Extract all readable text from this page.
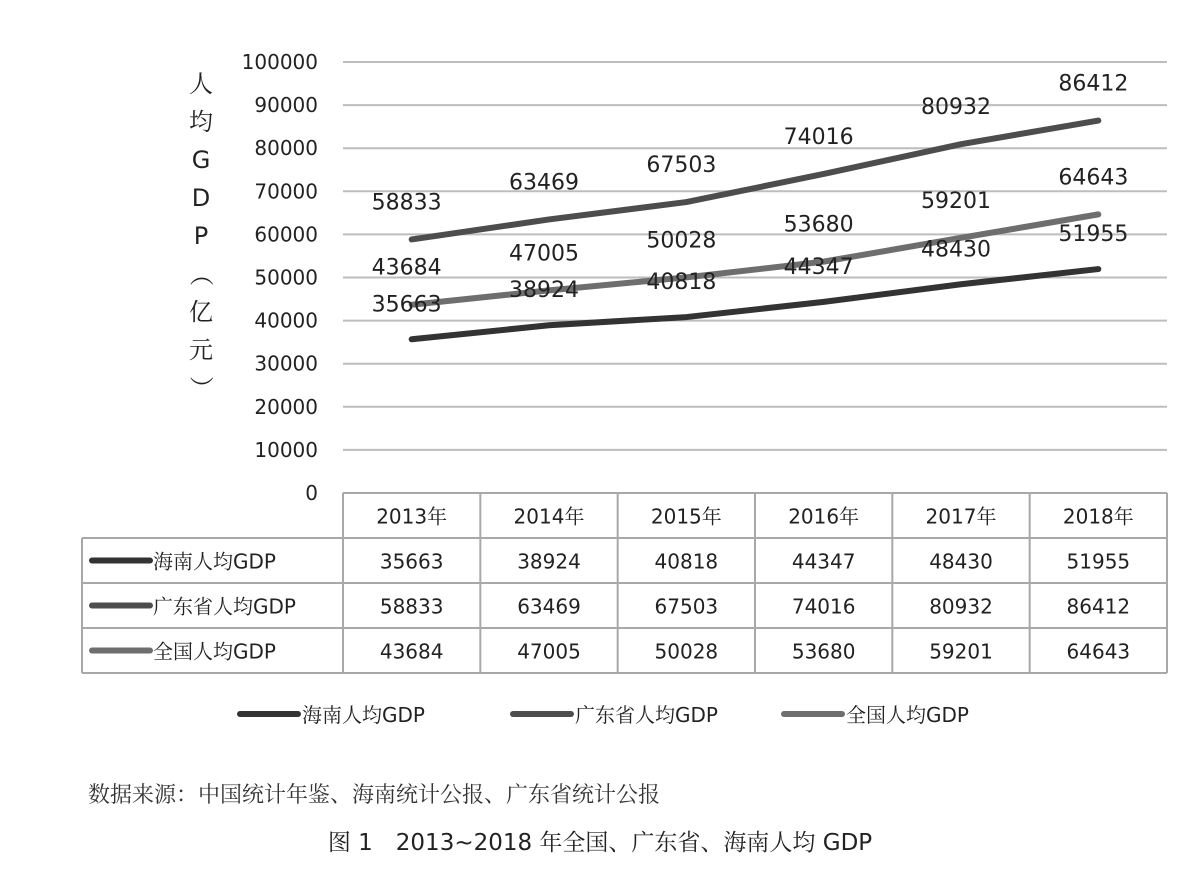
人
均
G
D
P
（
亿
元
）
0
10000
20000
30000
40000
50000
60000
70000
80000
90000
100000
35663
38924	40818
44347
48430
51955
58833
63469
67503
74016
80932
86412
43684
47005
50028
53680
59201
64643
2013年	2014年	2015年	2016年	2017年	2018年
海南人均GDP	35663	38924	40818	44347	48430	51955
广东省人均GDP	58833	63469	67503	74016	80932	86412
全国人均GDP	43684	47005	50028	53680	59201	64643
海南人均GDP	广东省人均GDP	全国人均GDP
数据来源：中国统计年鉴、海南统计公报、广东省统计公报
图 1　2013~2018 年全国、广东省、海南人均 GDP
